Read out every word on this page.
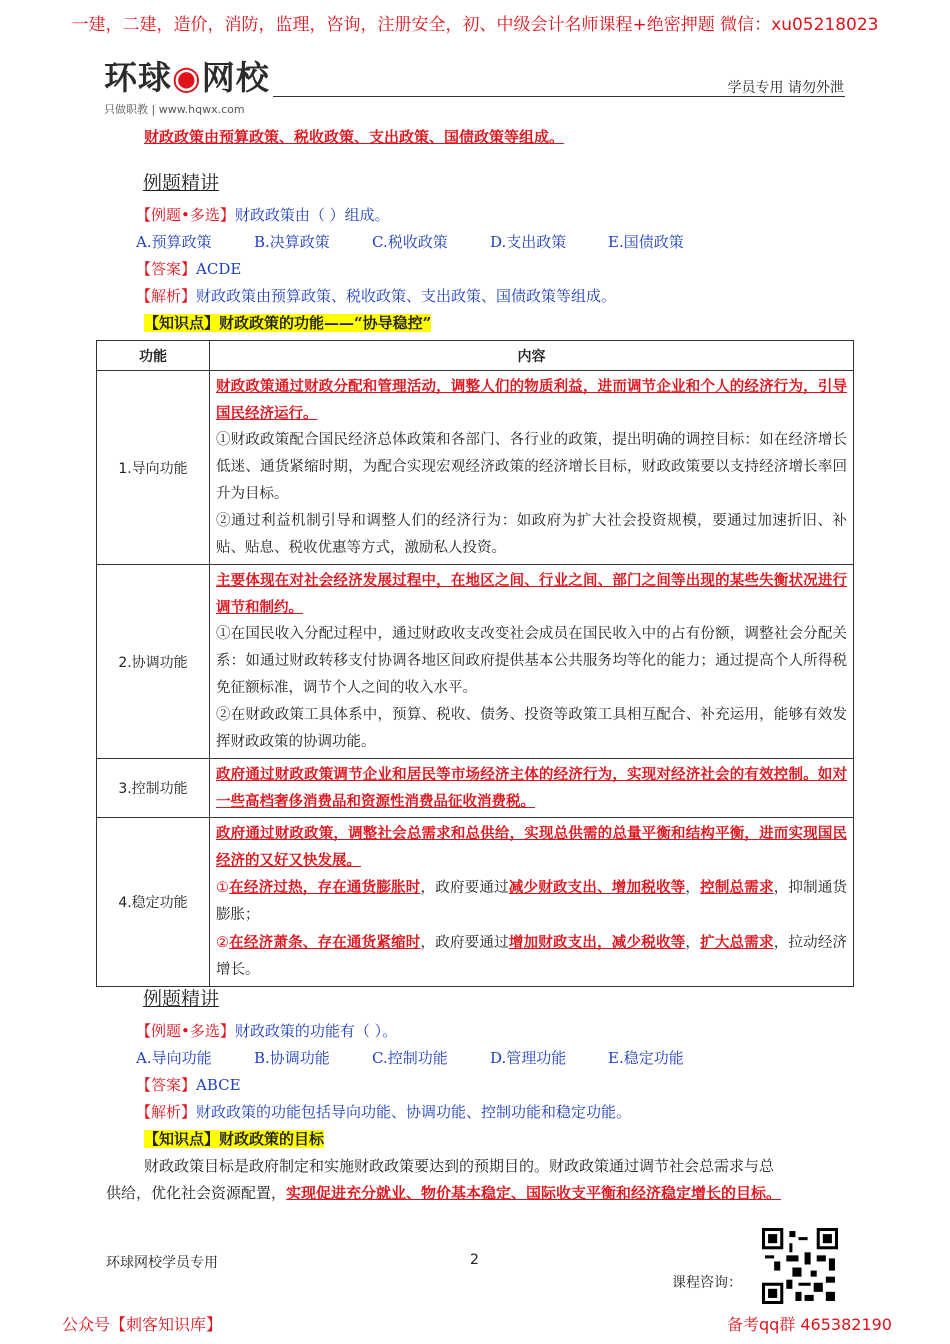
一建，二建，造价，消防，监理，咨询，注册安全，初、中级会计名师课程+绝密押题 微信：xu05218023
环球◉网校
只做职教 | www.hqwx.com
学员专用 请勿外泄
财政政策由预算政策、税收政策、支出政策、国债政策等组成。
例题精讲
【例题•多选】财政政策由（ ）组成。
A.预算政策	B.决算政策	C.税收政策	D.支出政策	E.国债政策
【答案】ACDE
【解析】财政政策由预算政策、税收政策、支出政策、国债政策等组成。
【知识点】财政政策的功能——“协导稳控”
功能	内容
1.导向功能	财政政策通过财政分配和管理活动，调整人们的物质利益，进而调节企业和个人的经济行为，引导国民经济运行。

①财政政策配合国民经济总体政策和各部门、各行业的政策，提出明确的调控目标：如在经济增长低迷、通货紧缩时期，为配合实现宏观经济政策的经济增长目标，财政政策要以支持经济增长率回升为目标。

②通过利益机制引导和调整人们的经济行为：如政府为扩大社会投资规模，要通过加速折旧、补贴、贴息、税收优惠等方式，激励私人投资。

2.协调功能	主要体现在对社会经济发展过程中，在地区之间、行业之间、部门之间等出现的某些失衡状况进行调节和制约。

①在国民收入分配过程中，通过财政收支改变社会成员在国民收入中的占有份额，调整社会分配关系：如通过财政转移支付协调各地区间政府提供基本公共服务均等化的能力；通过提高个人所得税免征额标准，调节个人之间的收入水平。

②在财政政策工具体系中，预算、税收、债务、投资等政策工具相互配合、补充运用，能够有效发挥财政政策的协调功能。

3.控制功能	政府通过财政政策调节企业和居民等市场经济主体的经济行为，实现对经济社会的有效控制。如对一些高档奢侈消费品和资源性消费品征收消费税。

4.稳定功能	政府通过财政政策，调整社会总需求和总供给，实现总供需的总量平衡和结构平衡，进而实现国民经济的又好又快发展。

①在经济过热，存在通货膨胀时，政府要通过减少财政支出、增加税收等，控制总需求，抑制通货膨胀；

②在经济萧条、存在通货紧缩时，政府要通过增加财政支出，减少税收等，扩大总需求，拉动经济增长。

例题精讲
【例题•多选】财政政策的功能有（ ）。
A.导向功能	B.协调功能	C.控制功能	D.管理功能	E.稳定功能
【答案】ABCE
【解析】财政政策的功能包括导向功能、协调功能、控制功能和稳定功能。
【知识点】财政政策的目标
财政政策目标是政府制定和实施财政政策要达到的预期目的。财政政策通过调节社会总需求与总
供给，优化社会资源配置，实现促进充分就业、物价基本稳定、国际收支平衡和经济稳定增长的目标。
环球网校学员专用	2
课程咨询：
公众号【刺客知识库】	备考qq群 465382190
